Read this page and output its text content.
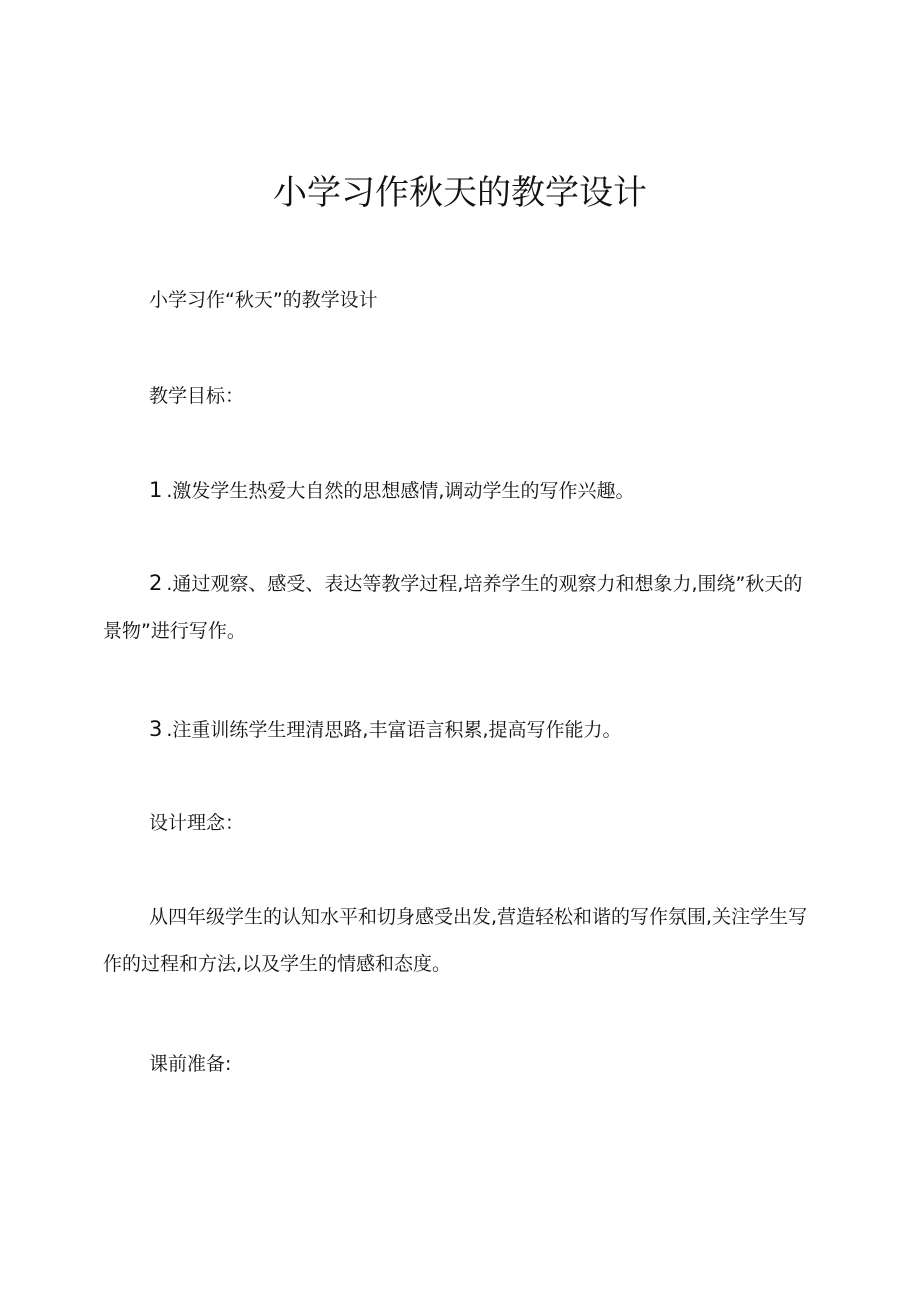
小学习作秋天的教学设计

小学习作“秋天”的教学设计

教学目标：

1 .激发学生热爱大自然的思想感情,调动学生的写作兴趣。

2 .通过观察、感受、表达等教学过程,培养学生的观察力和想象力,围绕”秋天的景物”进行写作。

3 .注重训练学生理清思路,丰富语言积累,提高写作能力。

设计理念：

从四年级学生的认知水平和切身感受出发,营造轻松和谐的写作氛围,关注学生写作的过程和方法,以及学生的情感和态度。

课前准备:
